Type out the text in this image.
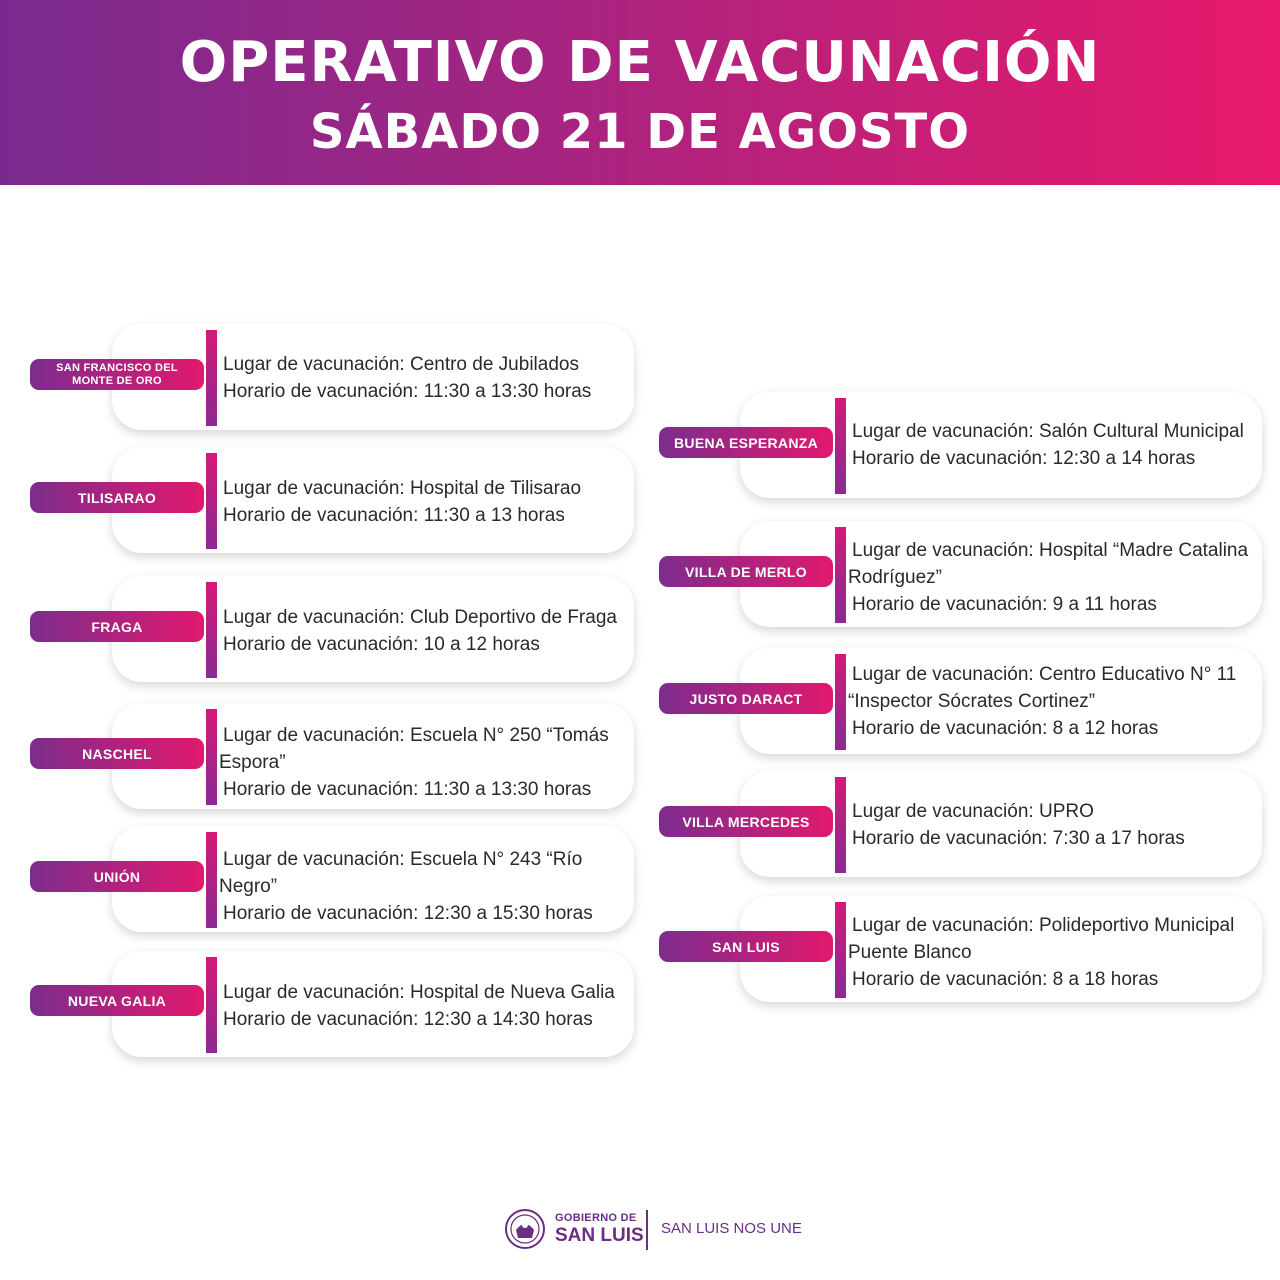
OPERATIVO DE VACUNACIÓN
SÁBADO 21 DE AGOSTO
SAN FRANCISCO DEL MONTE DE ORO
Lugar de vacunación: Centro de Jubilados
Horario de vacunación: 11:30 a 13:30 horas
TILISARAO	Lugar de vacunación: Hospital de Tilisarao
Horario de vacunación: 11:30 a 13 horas
FRAGA	Lugar de vacunación: Club Deportivo de Fraga
Horario de vacunación: 10 a 12 horas
NASCHEL
Lugar de vacunación: Escuela N° 250 “Tomás
Espora”
Horario de vacunación: 11:30 a 13:30 horas
UNIÓN
Lugar de vacunación: Escuela N° 243 “Río
Negro”
Horario de vacunación: 12:30 a 15:30 horas
NUEVA GALIA	Lugar de vacunación: Hospital de Nueva Galia
Horario de vacunación: 12:30 a 14:30 horas
BUENA ESPERANZA
Lugar de vacunación: Salón Cultural Municipal
Horario de vacunación: 12:30 a 14 horas
VILLA DE MERLO
Lugar de vacunación: Hospital “Madre Catalina
Rodríguez”
Horario de vacunación: 9 a 11 horas
JUSTO DARACT
Lugar de vacunación: Centro Educativo N° 11
“Inspector Sócrates Cortinez”
Horario de vacunación: 8 a 12 horas
VILLA MERCEDES	Lugar de vacunación: UPRO
Horario de vacunación: 7:30 a 17 horas
SAN LUIS
Lugar de vacunación: Polideportivo Municipal
Puente Blanco
Horario de vacunación: 8 a 18 horas
GOBIERNO DE
SAN LUIS SAN LUIS NOS UNE
